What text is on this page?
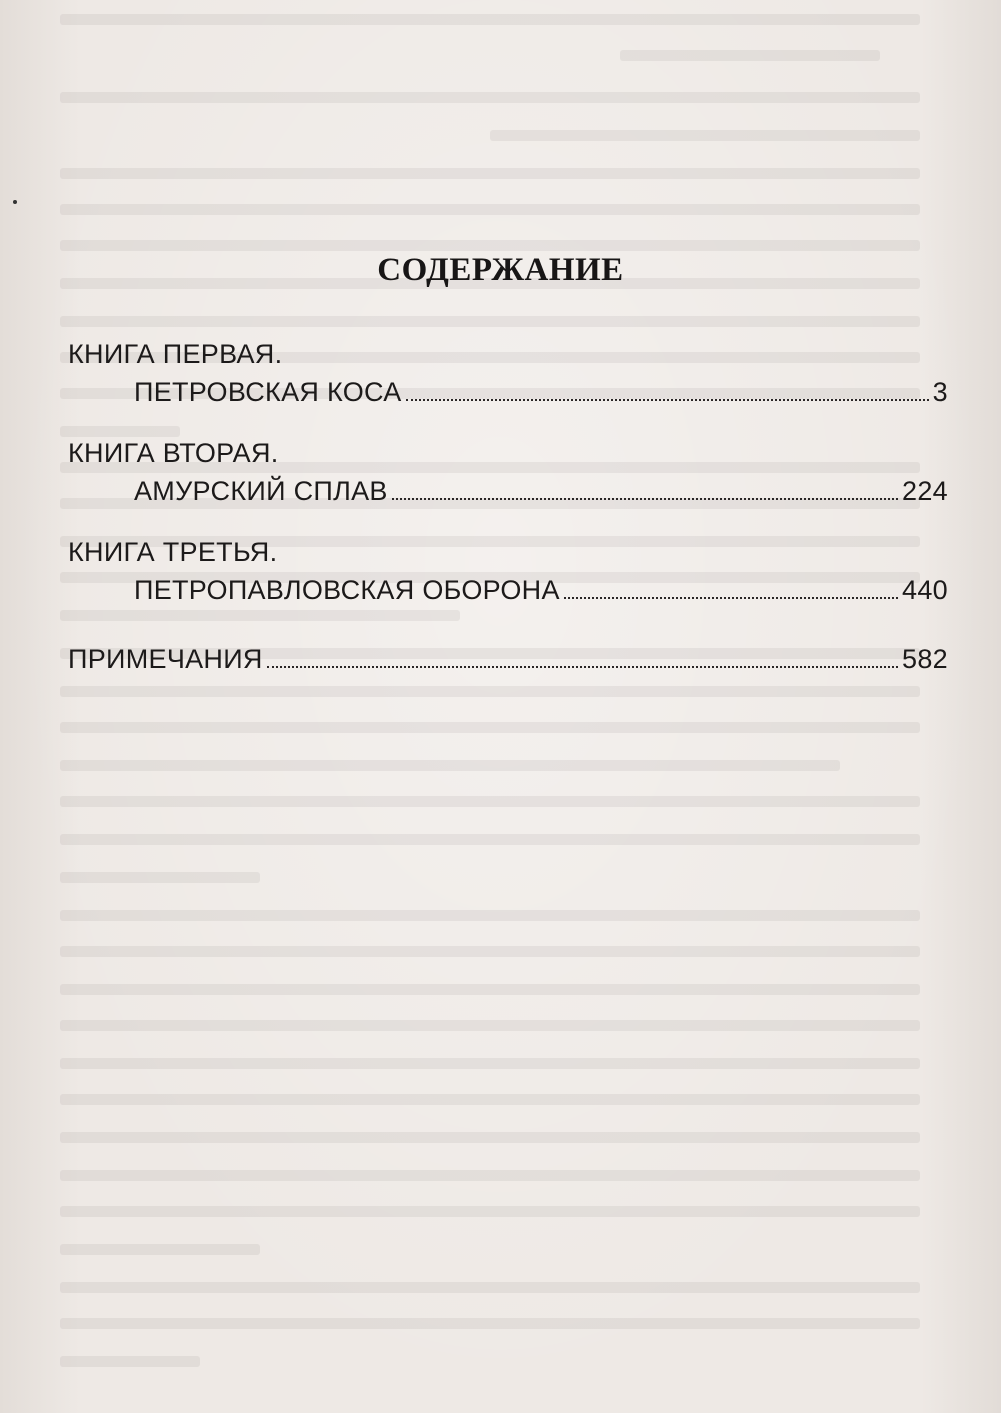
СОДЕРЖАНИЕ
КНИГА ПЕРВАЯ.
ПЕТРОВСКАЯ КОСА	3
КНИГА ВТОРАЯ.
АМУРСКИЙ СПЛАВ	224
КНИГА ТРЕТЬЯ.
ПЕТРОПАВЛОВСКАЯ ОБОРОНА	440
ПРИМЕЧАНИЯ	582
